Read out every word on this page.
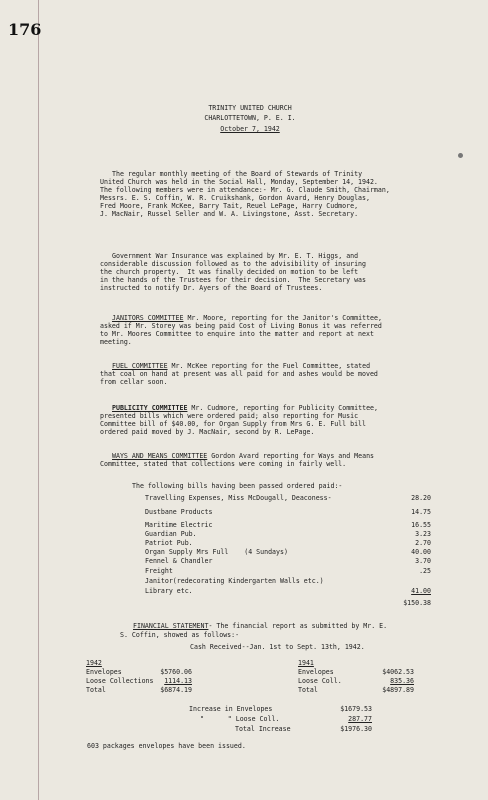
176
TRINITY UNITED CHURCH
CHARLOTTETOWN, P. E. I.
October 7, 1942

The regular monthly meeting of the Board of Stewards of Trinity

United Church was held in the Social Hall, Monday, September 14, 1942.

The following members were in attendance:- Mr. G. Claude Smith, Chairman,

Messrs. E. S. Coffin, W. R. Cruikshank, Gordon Avard, Henry Douglas,

Fred Moore, Frank McKee, Barry Tait, Reuel LePage, Harry Cudmore,

J. MacNair, Russel Seller and W. A. Livingstone, Asst. Secretary.

Government War Insurance was explained by Mr. E. T. Higgs, and

considerable discussion followed as to the advisibility of insuring

the church property.  It was finally decided on motion to be left

in the hands of the Trustees for their decision.  The Secretary was

instructed to notify Dr. Ayers of the Board of Trustees.

JANITORS COMMITTEE Mr. Moore, reporting for the Janitor's Committee,

asked if Mr. Storey was being paid Cost of Living Bonus it was referred

to Mr. Moores Committee to enquire into the matter and report at next

meeting.

FUEL COMMITTEE Mr. McKee reporting for the Fuel Committee, stated

that coal on hand at present was all paid for and ashes would be moved

from cellar soon.

PUBLICITY COMMITTEE Mr. Cudmore, reporting for Publicity Committee,

presented bills which were ordered paid; also reporting for Music

Committee bill of $40.00, for Organ Supply from Mrs G. E. Full bill

ordered paid moved by J. MacNair, second by R. LePage.

WAYS AND MEANS COMMITTEE Gordon Avard reporting for Ways and Means

Committee, stated that collections were coming in fairly well.

The following bills having been passed ordered paid:-
Travelling Expenses, Miss McDougall, Deaconess-	28.20
Dustbane Products	14.75
Maritime Electric	16.55
Guardian Pub.	3.23
Patriot Pub.	2.70
Organ Supply Mrs Full    (4 Sundays)	40.00
Fennel & Chandler	3.70
Freight	.25
Janitor(redecorating Kindergarten Walls etc.)
Library etc.	41.00
$150.38
FINANCIAL STATEMENT- The financial report as submitted by Mr. E.
S. Coffin, showed as follows:-
Cash Received--Jan. 1st to Sept. 13th, 1942.
1942
Envelopes	$5760.06
Loose Collections	1114.13
Total	$6874.19
1941
Envelopes	$4062.53
Loose Coll.	835.36
Total	$4897.89
Increase in Envelopes	$1679.53
"      " Loose Coll.	287.77
Total Increase	$1976.30
603 packages envelopes have been issued.
